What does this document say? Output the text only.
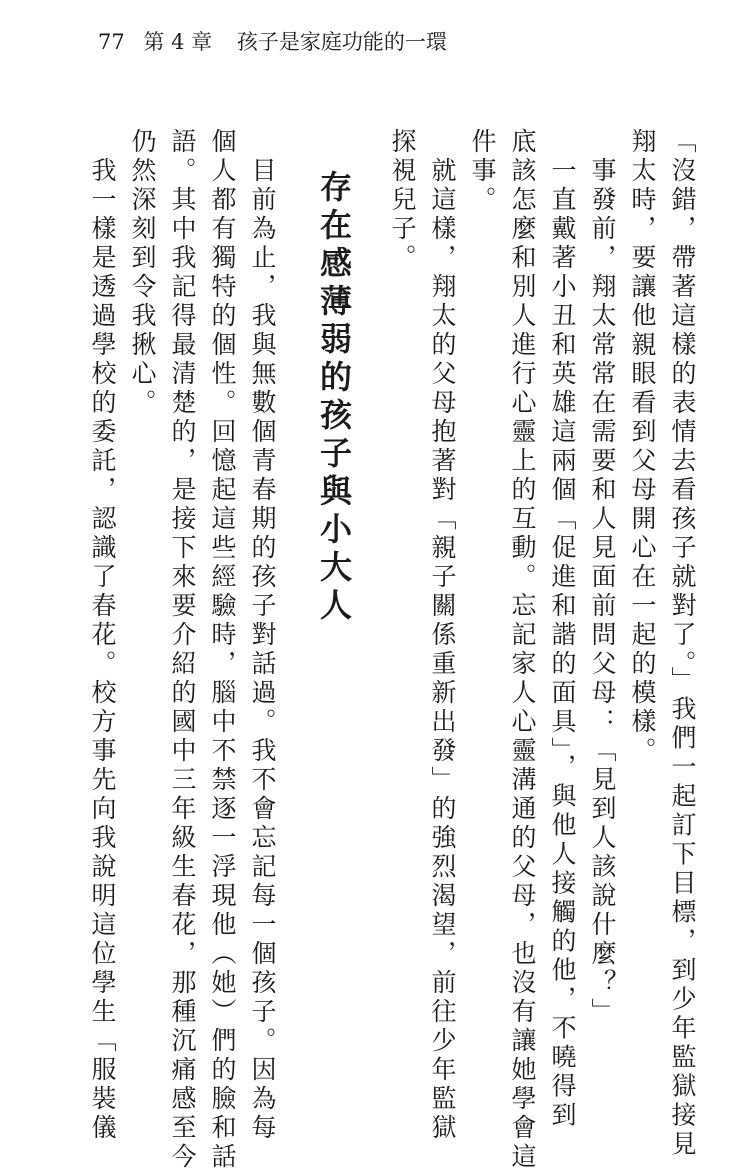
77 第 4 章 孩子是家庭功能的一環
「沒錯，帶著這樣的表情去看孩子就對了。」我們一起訂下目標，到少年監獄接見
翔太時，要讓他親眼看到父母開心在一起的模樣。
　事發前，翔太常常在需要和人見面前問父母：「見到人該說什麼？」
　一直戴著小丑和英雄這兩個「促進和諧的面具」，與他人接觸的他，不曉得到
底該怎麼和別人進行心靈上的互動。忘記家人心靈溝通的父母，也沒有讓她學會這
件事。
　就這樣，翔太的父母抱著對「親子關係重新出發」的強烈渴望，前往少年監獄
探視兒子。
存在感薄弱的孩子與小大人
　目前為止，我與無數個青春期的孩子對話過。我不會忘記每一個孩子。因為每
個人都有獨特的個性。回憶起這些經驗時，腦中不禁逐一浮現他（她）們的臉和話
語。其中我記得最清楚的，是接下來要介紹的國中三年級生春花，那種沉痛感至今
仍然深刻到令我揪心。
　我一樣是透過學校的委託，認識了春花。校方事先向我說明這位學生「服裝儀
